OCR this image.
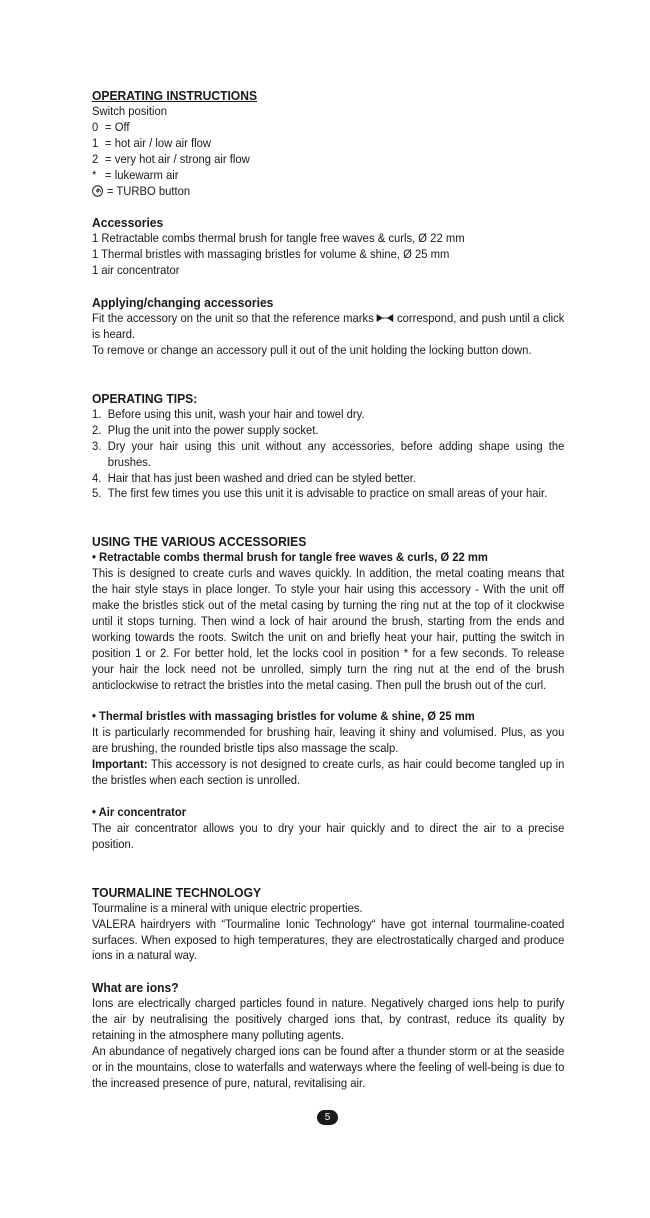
OPERATING INSTRUCTIONS
Switch position
0 = Off
1 = hot air / low air flow
2 = very hot air / strong air flow
* = lukewarm air
= TURBO button
Accessories
1 Retractable combs thermal brush for tangle free waves & curls, Ø 22 mm
1 Thermal bristles with massaging bristles for volume & shine, Ø 25 mm
1 air concentrator
Applying/changing accessories

Fit the accessory on the unit so that the reference marks correspond, and push until a click is heard.

To remove or change an accessory pull it out of the unit holding the locking button down.

OPERATING TIPS:
1. Before using this unit, wash your hair and towel dry.
2. Plug the unit into the power supply socket.
3. Dry your hair using this unit without any accessories, before adding shape using the brushes.
4. Hair that has just been washed and dried can be styled better.
5. The first few times you use this unit it is advisable to practice on small areas of your hair.
USING THE VARIOUS ACCESSORIES
• Retractable combs thermal brush for tangle free waves & curls, Ø 22 mm

This is designed to create curls and waves quickly. In addition, the metal coating means that the hair style stays in place longer. To style your hair using this accessory - With the unit off make the bristles stick out of the metal casing by turning the ring nut at the top of it clockwise until it stops turning. Then wind a lock of hair around the brush, starting from the ends and working towards the roots. Switch the unit on and briefly heat your hair, putting the switch in position 1 or 2. For better hold, let the locks cool in position * for a few seconds. To release your hair the lock need not be unrolled, simply turn the ring nut at the end of the brush anticlockwise to retract the bristles into the metal casing. Then pull the brush out of the curl.

• Thermal bristles with massaging bristles for volume & shine, Ø 25 mm

It is particularly recommended for brushing hair, leaving it shiny and volumised. Plus, as you are brushing, the rounded bristle tips also massage the scalp.

Important: This accessory is not designed to create curls, as hair could become tangled up in the bristles when each section is unrolled.

• Air concentrator

The air concentrator allows you to dry your hair quickly and to direct the air to a precise position.

TOURMALINE TECHNOLOGY

Tourmaline is a mineral with unique electric properties.

VALERA hairdryers with “Tourmaline Ionic Technology“ have got internal tourmaline-coated surfaces. When exposed to high temperatures, they are electrostatically charged and produce ions in a natural way.

What are ions?

Ions are electrically charged particles found in nature. Negatively charged ions help to purify the air by neutralising the positively charged ions that, by contrast, reduce its quality by retaining in the atmosphere many polluting agents.

An abundance of negatively charged ions can be found after a thunder storm or at the seaside or in the mountains, close to waterfalls and waterways where the feeling of well-being is due to the increased presence of pure, natural, revitalising air.

5
